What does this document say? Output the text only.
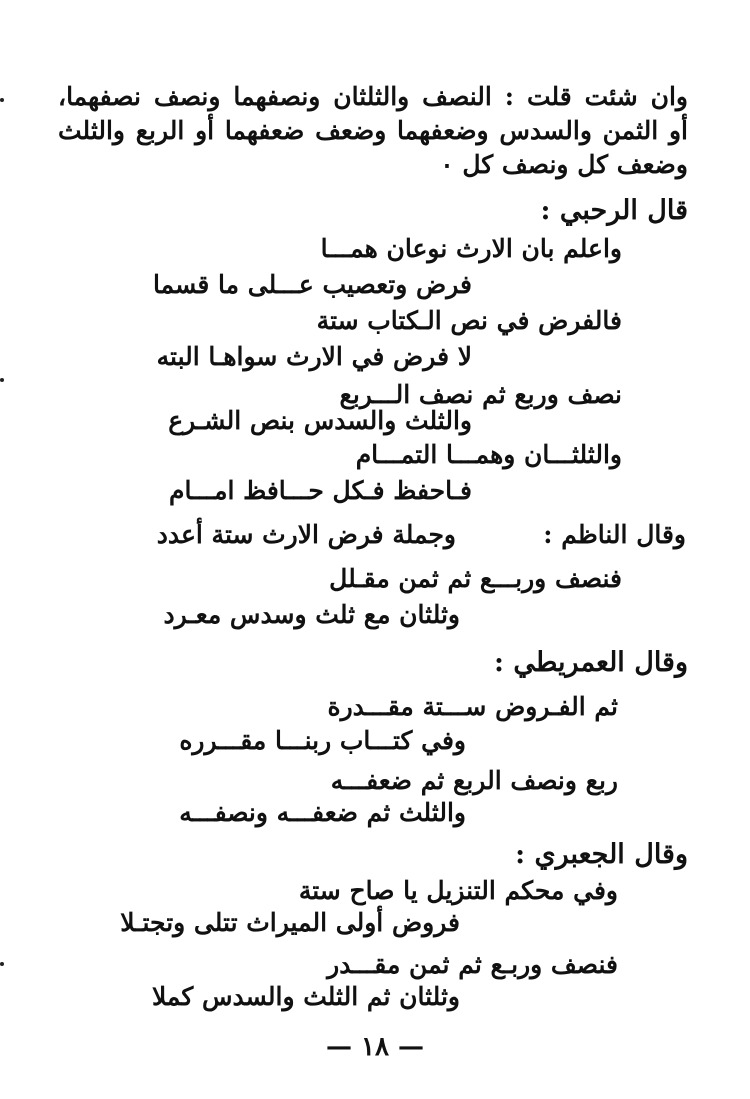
وان شئت قلت : النصف والثلثان ونصفهما ونصف نصفهما،
أو الثمن والسدس وضعفهما وضعف ضعفهما أو الربع والثلث
وضعف كل ونصف كل ٠
قال الرحبي :
واعلم بان الارث نوعان همـــا
فرض وتعصيب عـــلى ما قسما
فالفرض في نص الـكتاب ستة
لا فرض في الارث سواهـا البته
نصف وربع ثم نصف الـــربع
والثلث والسدس بنص الشـرع
والثلثـــان وهمـــا التمـــام
فـاحفظ فـكل حـــافظ امـــام
وقال الناظم :
وجملة فرض الارث ستة أعدد
فنصف وربـــع ثم ثمن مقـلل
وثلثان مع ثلث وسدس معـرد
وقال العمريطي :
ثم الفـروض ســـتة مقـــدرة
وفي كتـــاب ربنـــا مقـــرره
ربع ونصف الربع ثم ضعفـــه
والثلث ثم ضعفـــه ونصفـــه
وقال الجعبري :
وفي محكم التنزيل يا صاح ستة
فروض أولى الميراث تتلى وتجتـلا
فنصف وربـع ثم ثمن مقـــدر
وثلثان ثم الثلث والسدس كملا
— ١٨ —
